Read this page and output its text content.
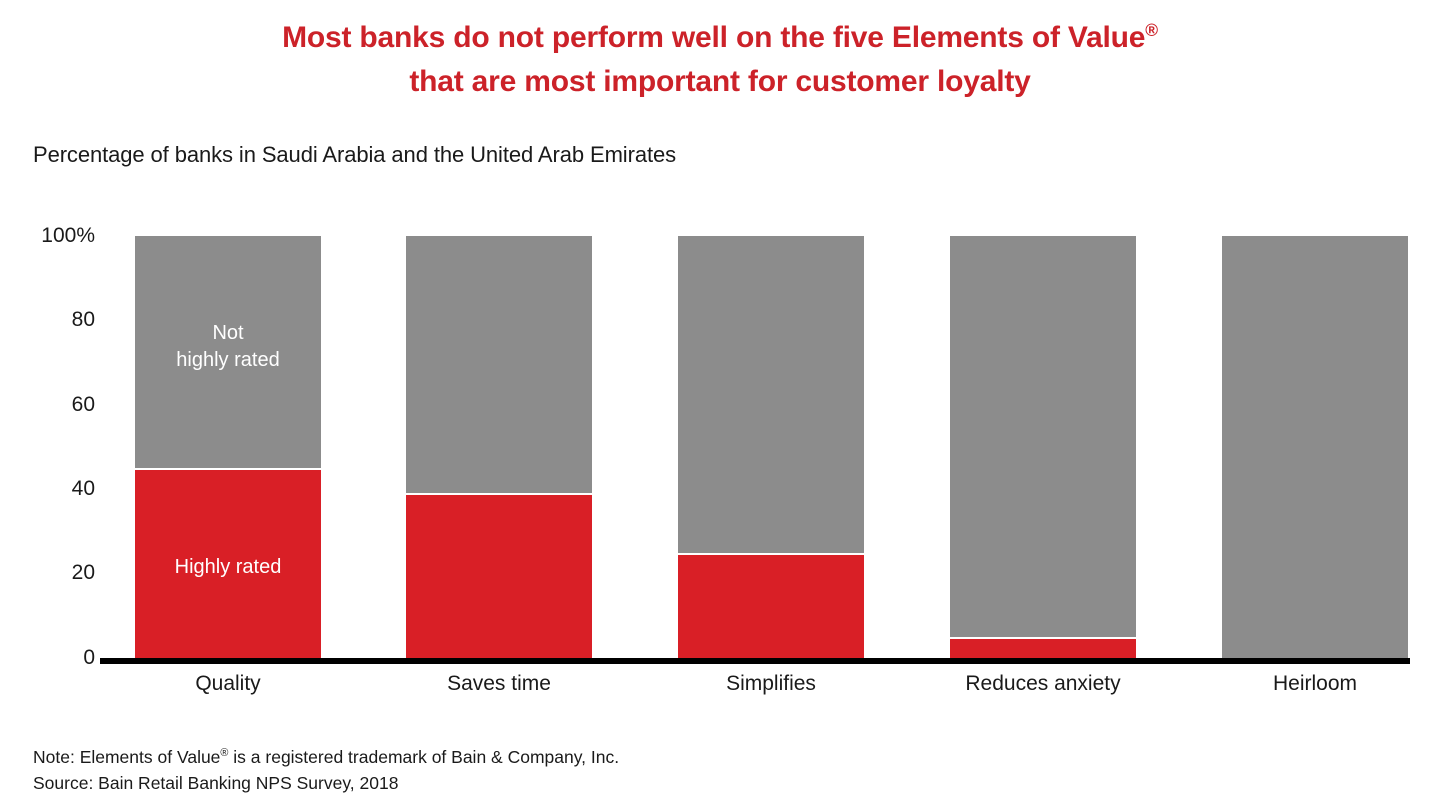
Most banks do not perform well on the five Elements of Value®
that are most important for customer loyalty
Percentage of banks in Saudi Arabia and the United Arab Emirates
100%
80
60
40
20
0
Not
highly rated
Highly rated
Quality	Saves time	Simplifies	Reduces anxiety	Heirloom
Note: Elements of Value® is a registered trademark of Bain & Company, Inc.
Source: Bain Retail Banking NPS Survey, 2018
